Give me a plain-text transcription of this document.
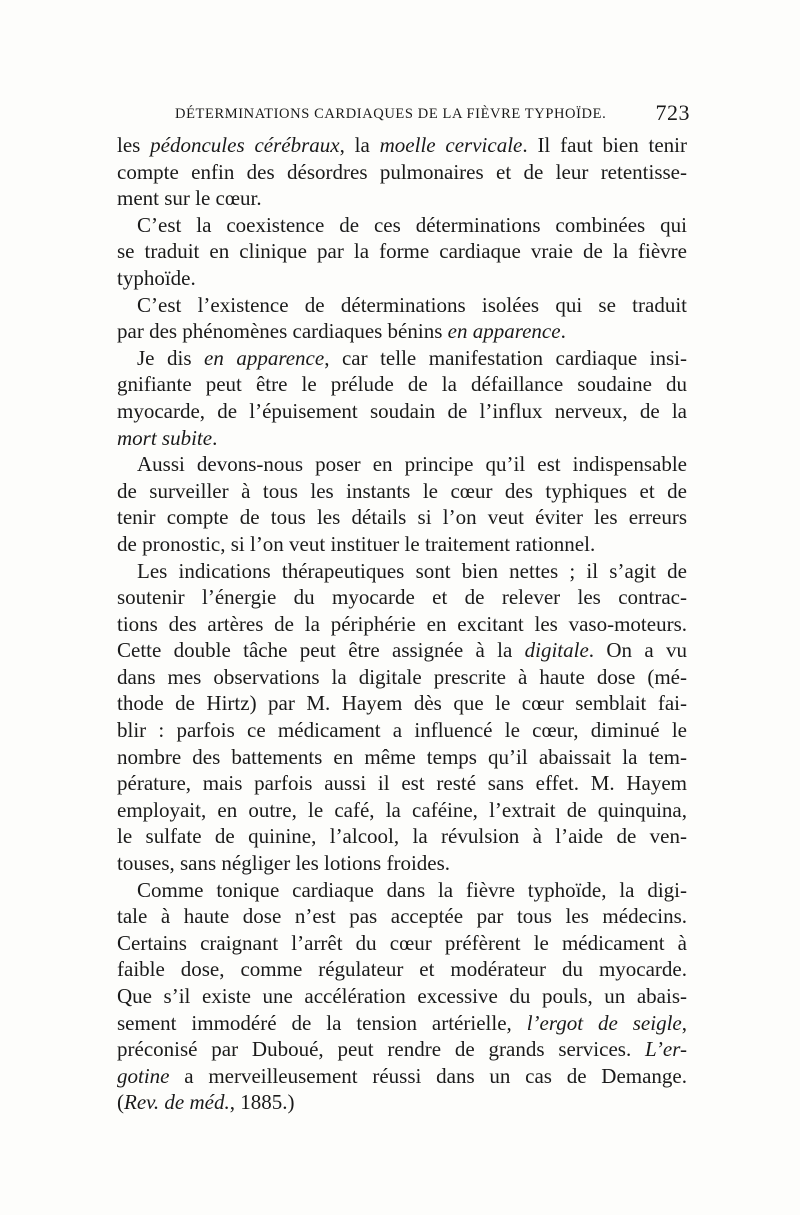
DÉTERMINATIONS CARDIAQUES DE LA FIÈVRE TYPHOÏDE. 723
les pédoncules cérébraux, la moelle cervicale. Il faut bien tenir
compte enfin des désordres pulmonaires et de leur retentisse-
ment sur le cœur.
C’est la coexistence de ces déterminations combinées qui
se traduit en clinique par la forme cardiaque vraie de la fièvre
typhoïde.
C’est l’existence de déterminations isolées qui se traduit
par des phénomènes cardiaques bénins en apparence.
Je dis en apparence, car telle manifestation cardiaque insi-
gnifiante peut être le prélude de la défaillance soudaine du
myocarde, de l’épuisement soudain de l’influx nerveux, de la
mort subite.
Aussi devons-nous poser en principe qu’il est indispensable
de surveiller à tous les instants le cœur des typhiques et de
tenir compte de tous les détails si l’on veut éviter les erreurs
de pronostic, si l’on veut instituer le traitement rationnel.
Les indications thérapeutiques sont bien nettes ; il s’agit de
soutenir l’énergie du myocarde et de relever les contrac-
tions des artères de la périphérie en excitant les vaso-moteurs.
Cette double tâche peut être assignée à la digitale. On a vu
dans mes observations la digitale prescrite à haute dose (mé-
thode de Hirtz) par M. Hayem dès que le cœur semblait fai-
blir : parfois ce médicament a influencé le cœur, diminué le
nombre des battements en même temps qu’il abaissait la tem-
pérature, mais parfois aussi il est resté sans effet. M. Hayem
employait, en outre, le café, la caféine, l’extrait de quinquina,
le sulfate de quinine, l’alcool, la révulsion à l’aide de ven-
touses, sans négliger les lotions froides.
Comme tonique cardiaque dans la fièvre typhoïde, la digi-
tale à haute dose n’est pas acceptée par tous les médecins.
Certains craignant l’arrêt du cœur préfèrent le médicament à
faible dose, comme régulateur et modérateur du myocarde.
Que s’il existe une accélération excessive du pouls, un abais-
sement immodéré de la tension artérielle, l’ergot de seigle,
préconisé par Duboué, peut rendre de grands services. L’er-
gotine a merveilleusement réussi dans un cas de Demange.
(Rev. de méd., 1885.)
